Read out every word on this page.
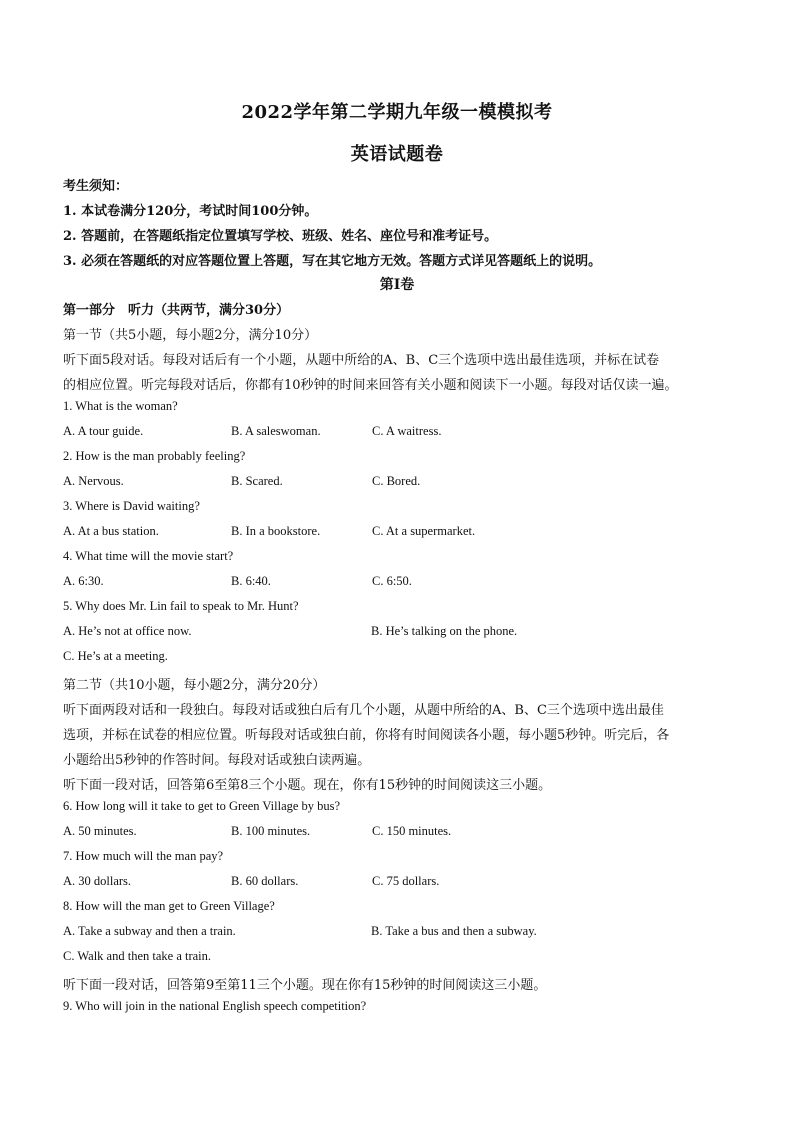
2022学年第二学期九年级一模模拟考
英语试题卷
考生须知：
1. 本试卷满分120分，考试时间100分钟。
2. 答题前，在答题纸指定位置填写学校、班级、姓名、座位号和准考证号。
3. 必须在答题纸的对应答题位置上答题，写在其它地方无效。答题方式详见答题纸上的说明。
第Ⅰ卷
第一部分　听力（共两节，满分30分）
第一节（共5小题，每小题2分，满分10分）
听下面5段对话。每段对话后有一个小题，从题中所给的A、B、C三个选项中选出最佳选项，并标在试卷
的相应位置。听完每段对话后，你都有10秒钟的时间来回答有关小题和阅读下一小题。每段对话仅读一遍。
1. What is the woman?
A. A tour guide.	B. A saleswoman.	C. A waitress.
2. How is the man probably feeling?
A. Nervous.	B. Scared.	C. Bored.
3. Where is David waiting?
A. At a bus station.	B. In a bookstore.	C. At a supermarket.
4. What time will the movie start?
A. 6:30.	B. 6:40.	C. 6:50.
5. Why does Mr. Lin fail to speak to Mr. Hunt?
A. He’s not at office now.	B. He’s talking on the phone.
C. He’s at a meeting.
第二节（共10小题，每小题2分，满分20分）
听下面两段对话和一段独白。每段对话或独白后有几个小题，从题中所给的A、B、C三个选项中选出最佳
选项，并标在试卷的相应位置。听每段对话或独白前，你将有时间阅读各小题，每小题5秒钟。听完后，各
小题给出5秒钟的作答时间。每段对话或独白读两遍。
听下面一段对话，回答第6至第8三个小题。现在，你有15秒钟的时间阅读这三小题。
6. How long will it take to get to Green Village by bus?
A. 50 minutes.	B. 100 minutes.	C. 150 minutes.
7. How much will the man pay?
A. 30 dollars.	B. 60 dollars.	C. 75 dollars.
8. How will the man get to Green Village?
A. Take a subway and then a train.	B. Take a bus and then a subway.
C. Walk and then take a train.
听下面一段对话，回答第9至第11三个小题。现在你有15秒钟的时间阅读这三小题。
9. Who will join in the national English speech competition?
